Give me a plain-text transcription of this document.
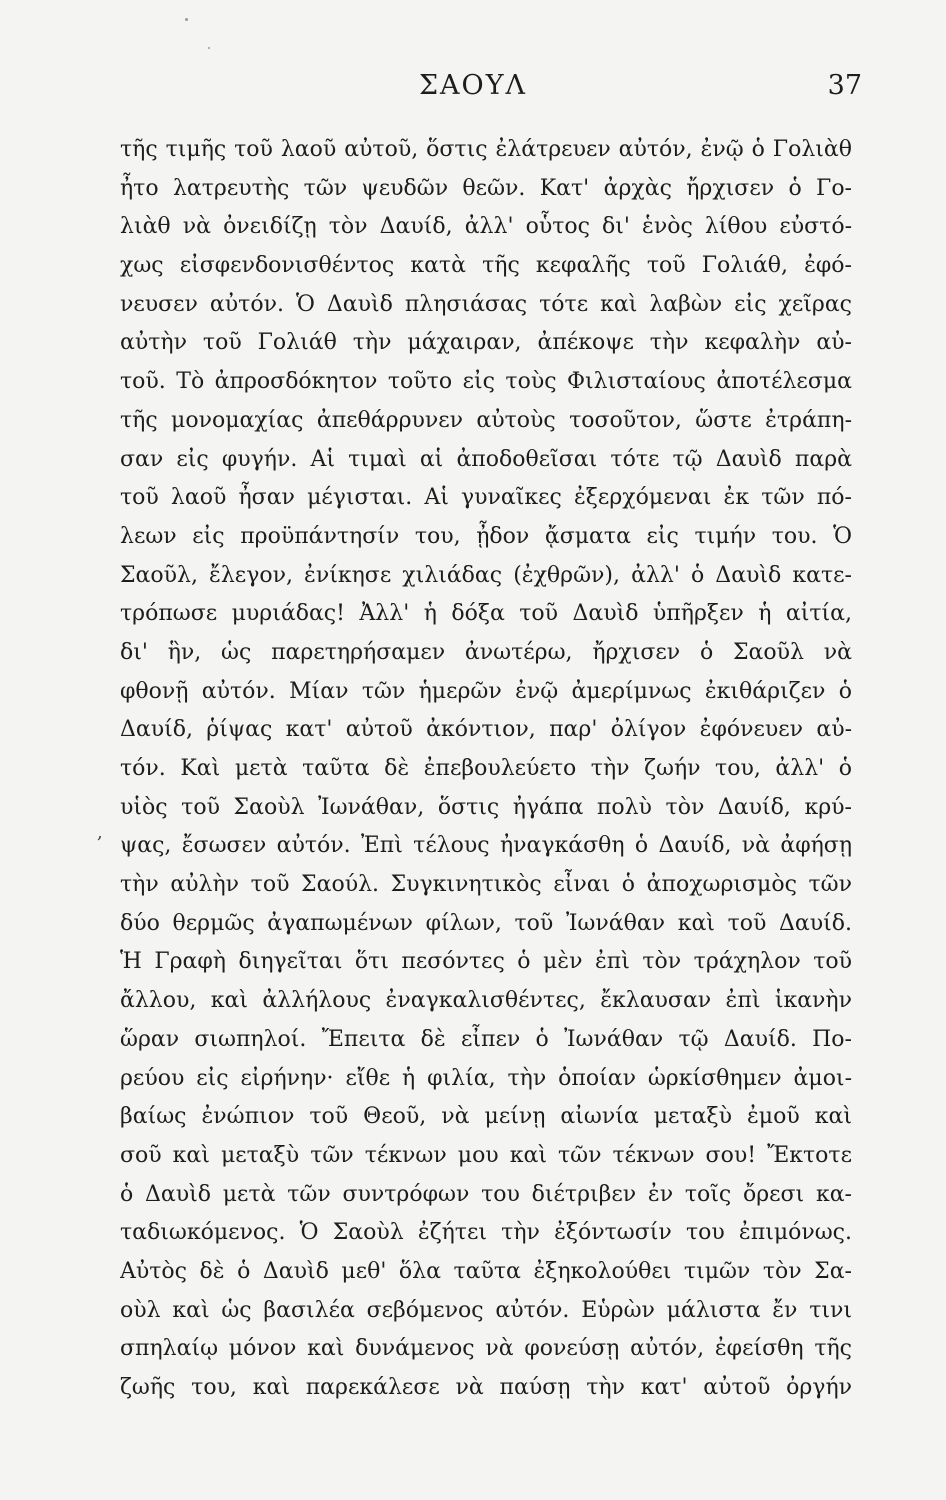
ΣΑΟΥΛ	37
,
τῆς τιμῆς τοῦ λαοῦ αὐτοῦ, ὅστις ἐλάτρευεν αὐτόν, ἐνῷ ὁ Γολιὰθ
ἦτο λατρευτὴς τῶν ψευδῶν θεῶν. Κατ' ἀρχὰς ἤρχισεν ὁ Γο-
λιὰθ νὰ ὀνειδίζῃ τὸν Δαυίδ, ἀλλ' οὗτος δι' ἑνὸς λίθου εὐστό-
χως εἰσφενδονισθέντος κατὰ τῆς κεφαλῆς τοῦ Γολιάθ, ἐφό-
νευσεν αὐτόν. Ὁ Δαυὶδ πλησιάσας τότε καὶ λαβὼν εἰς χεῖρας
αὐτὴν τοῦ Γολιάθ τὴν μάχαιραν, ἀπέκοψε τὴν κεφαλὴν αὐ-
τοῦ. Τὸ ἀπροσδόκητον τοῦτο εἰς τοὺς Φιλισταίους ἀποτέλεσμα
τῆς μονομαχίας ἀπεθάρρυνεν αὐτοὺς τοσοῦτον, ὥστε ἐτράπη-
σαν εἰς φυγήν. Αἱ τιμαὶ αἱ ἀποδοθεῖσαι τότε τῷ Δαυὶδ παρὰ
τοῦ λαοῦ ἦσαν μέγισται. Αἱ γυναῖκες ἐξερχόμεναι ἐκ τῶν πό-
λεων εἰς προϋπάντησίν του, ᾖδον ᾄσματα εἰς τιμήν του. Ὁ
Σαοῦλ, ἔλεγον, ἐνίκησε χιλιάδας (ἐχθρῶν), ἀλλ' ὁ Δαυὶδ κατε-
τρόπωσε μυριάδας! Ἀλλ' ἡ δόξα τοῦ Δαυὶδ ὑπῆρξεν ἡ αἰτία,
δι' ἣν, ὡς παρετηρήσαμεν ἀνωτέρω, ἤρχισεν ὁ Σαοῦλ νὰ
φθονῇ αὐτόν. Μίαν τῶν ἡμερῶν ἐνῷ ἀμερίμνως ἐκιθάριζεν ὁ
Δαυίδ, ῥίψας κατ' αὐτοῦ ἀκόντιον, παρ' ὀλίγον ἐφόνευεν αὐ-
τόν. Καὶ μετὰ ταῦτα δὲ ἐπεβουλεύετο τὴν ζωήν του, ἀλλ' ὁ
υἱὸς τοῦ Σαοὺλ Ἰωνάθαν, ὅστις ἠγάπα πολὺ τὸν Δαυίδ, κρύ-
ψας, ἔσωσεν αὐτόν. Ἐπὶ τέλους ἠναγκάσθη ὁ Δαυίδ, νὰ ἀφήσῃ
τὴν αὐλὴν τοῦ Σαούλ. Συγκινητικὸς εἶναι ὁ ἀποχωρισμὸς τῶν
δύο θερμῶς ἀγαπωμένων φίλων, τοῦ Ἰωνάθαν καὶ τοῦ Δαυίδ.
Ἡ Γραφὴ διηγεῖται ὅτι πεσόντες ὁ μὲν ἐπὶ τὸν τράχηλον τοῦ
ἄλλου, καὶ ἀλλήλους ἐναγκαλισθέντες, ἔκλαυσαν ἐπὶ ἱκανὴν
ὥραν σιωπηλοί. Ἔπειτα δὲ εἶπεν ὁ Ἰωνάθαν τῷ Δαυίδ. Πο-
ρεύου εἰς εἰρήνην· εἴθε ἡ φιλία, τὴν ὁποίαν ὡρκίσθημεν ἀμοι-
βαίως ἐνώπιον τοῦ Θεοῦ, νὰ μείνῃ αἰωνία μεταξὺ ἐμοῦ καὶ
σοῦ καὶ μεταξὺ τῶν τέκνων μου καὶ τῶν τέκνων σου! Ἔκτοτε
ὁ Δαυὶδ μετὰ τῶν συντρόφων του διέτριβεν ἐν τοῖς ὄρεσι κα-
ταδιωκόμενος. Ὁ Σαοὺλ ἐζήτει τὴν ἐξόντωσίν του ἐπιμόνως.
Αὐτὸς δὲ ὁ Δαυὶδ μεθ' ὅλα ταῦτα ἐξηκολούθει τιμῶν τὸν Σα-
οὺλ καὶ ὡς βασιλέα σεβόμενος αὐτόν. Εὑρὼν μάλιστα ἔν τινι
σπηλαίῳ μόνον καὶ δυνάμενος νὰ φονεύσῃ αὐτόν, ἐφείσθη τῆς
ζωῆς του, καὶ παρεκάλεσε νὰ παύσῃ τὴν κατ' αὐτοῦ ὀργήν
